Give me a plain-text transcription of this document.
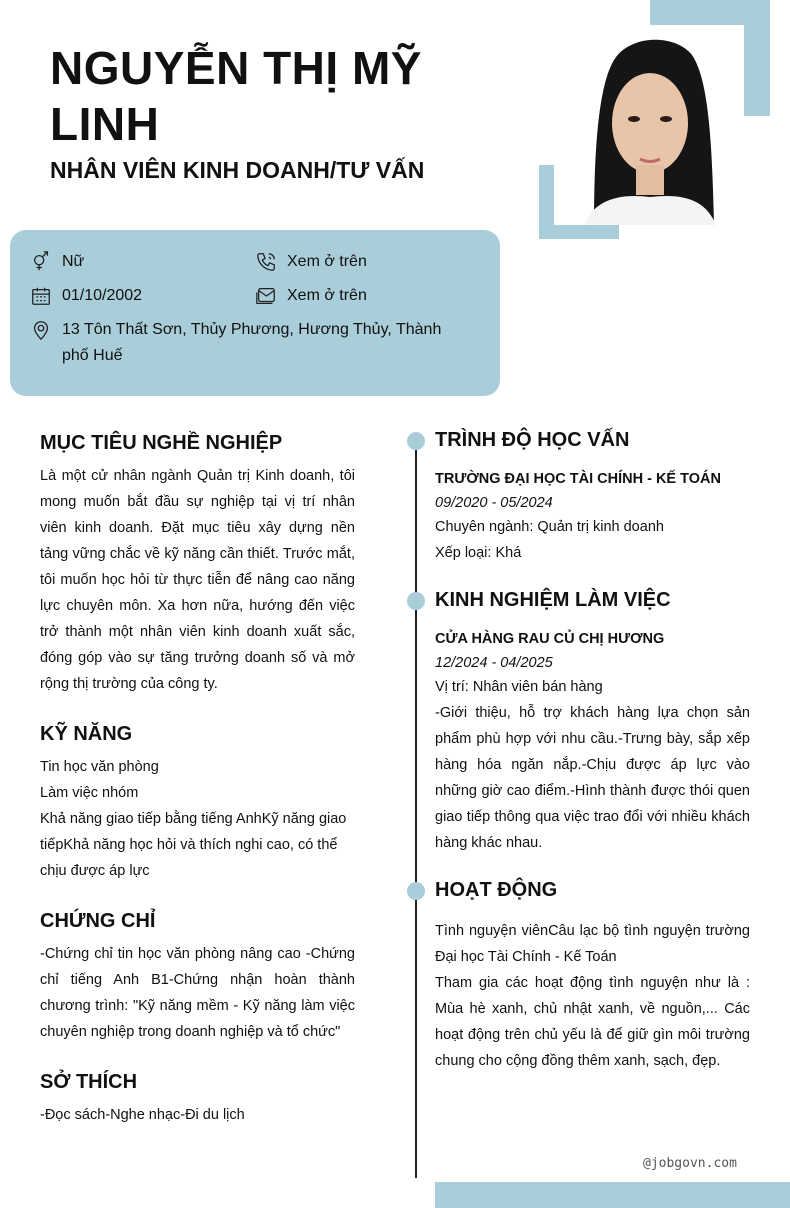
NGUYỄN THỊ MỸ LINH
NHÂN VIÊN KINH DOANH/TƯ VẤN
Nữ	Xem ở trên
01/10/2002	Xem ở trên
13 Tôn Thất Sơn, Thủy Phương, Hương Thủy, Thành phố Huế
MỤC TIÊU NGHỀ NGHIỆP

Là một cử nhân ngành Quản trị Kinh doanh, tôi mong muốn bắt đầu sự nghiệp tại vị trí nhân viên kinh doanh. Đặt mục tiêu xây dựng nền tảng vững chắc về kỹ năng cần thiết. Trước mắt, tôi muốn học hỏi từ thực tiễn để nâng cao năng lực chuyên môn. Xa hơn nữa, hướng đến việc trở thành một nhân viên kinh doanh xuất sắc, đóng góp vào sự tăng trưởng doanh số và mở rộng thị trường của công ty.

KỸ NĂNG

Tin học văn phòng

Làm việc nhóm

Khả năng giao tiếp bằng tiếng AnhKỹ năng giao tiếpKhả năng học hỏi và thích nghi cao, có thể chịu được áp lực

CHỨNG CHỈ

-Chứng chỉ tin học văn phòng nâng cao -Chứng chỉ tiếng Anh B1-Chứng nhận hoàn thành chương trình: "Kỹ năng mềm - Kỹ năng làm việc chuyên nghiệp trong doanh nghiệp và tổ chức"

SỞ THÍCH

-Đọc sách-Nghe nhạc-Đi du lịch

TRÌNH ĐỘ HỌC VẤN

TRƯỜNG ĐẠI HỌC TÀI CHÍNH - KẾ TOÁN

09/2020 - 05/2024

Chuyên ngành: Quản trị kinh doanh

Xếp loại: Khá

KINH NGHIỆM LÀM VIỆC

CỬA HÀNG RAU CỦ CHỊ HƯƠNG

12/2024 - 04/2025

Vị trí: Nhân viên bán hàng

-Giới thiệu, hỗ trợ khách hàng lựa chọn sản phẩm phù hợp với nhu cầu.-Trưng bày, sắp xếp hàng hóa ngăn nắp.-Chịu được áp lực vào những giờ cao điểm.-Hình thành được thói quen giao tiếp thông qua việc trao đổi với nhiều khách hàng khác nhau.

HOẠT ĐỘNG

Tình nguyện viênCâu lạc bộ tình nguyện trường Đại học Tài Chính - Kế Toán

Tham gia các hoạt động tình nguyện như là : Mùa hè xanh, chủ nhật xanh, về nguồn,... Các hoạt động trên chủ yếu là để giữ gìn môi trường chung cho cộng đồng thêm xanh, sạch, đẹp.

@jobgovn.com
